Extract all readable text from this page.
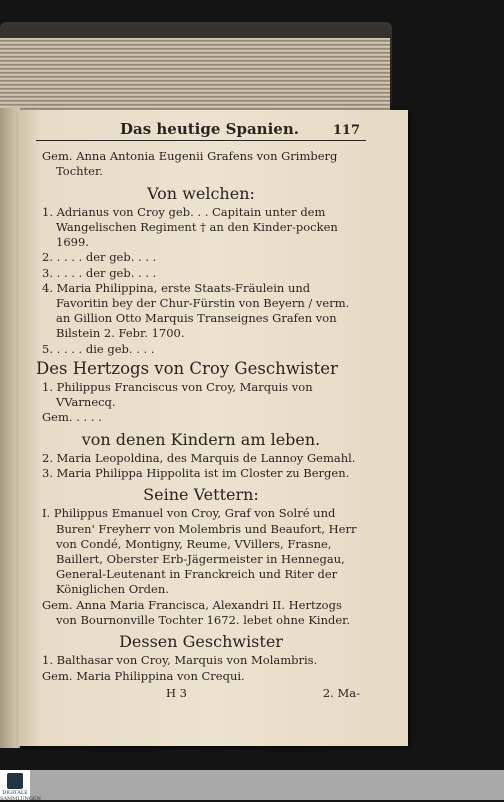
Das heutige Spanien.	117
Gem. Anna Antonia Eugenii Grafens von Grimberg Tochter.
Von welchen:
1. Adrianus von Croy geb. . . Capitain unter dem Wangelischen Regiment † an den Kinder-pocken 1699.
2. . . . . der geb. . . .
3. . . . . der geb. . . .
4. Maria Philippina, erste Staats-Fräulein und Favoritin bey der Chur-Fürstin von Beyern / verm. an Gillion Otto Marquis Transeignes Grafen von Bilstein 2. Febr. 1700.
5. . . . . die geb. . . .
Des Hertzogs von Croy Geschwister
1. Philippus Franciscus von Croy, Marquis von VVarnecq.
Gem. . . . .
von denen Kindern am leben.
2. Maria Leopoldina, des Marquis de Lannoy Gemahl.
3. Maria Philippa Hippolita ist im Closter zu Bergen.
Seine Vettern:
I. Philippus Emanuel von Croy, Graf von Solré und Buren' Freyherr von Molembris und Beaufort, Herr von Condé, Montigny, Reume, VVillers, Frasne, Baillert, Oberster Erb-Jägermeister in Hennegau, General-Leutenant in Franckreich und Riter der Königlichen Orden.
Gem. Anna Maria Francisca, Alexandri II. Hertzogs von Bournonville Tochter 1672. lebet ohne Kinder.
Dessen Geschwister
1. Balthasar von Croy, Marquis von Molambris.
Gem. Maria Philippina von Crequi.
H 3	2. Ma-
DIGITALE SAMMLUNGEN
